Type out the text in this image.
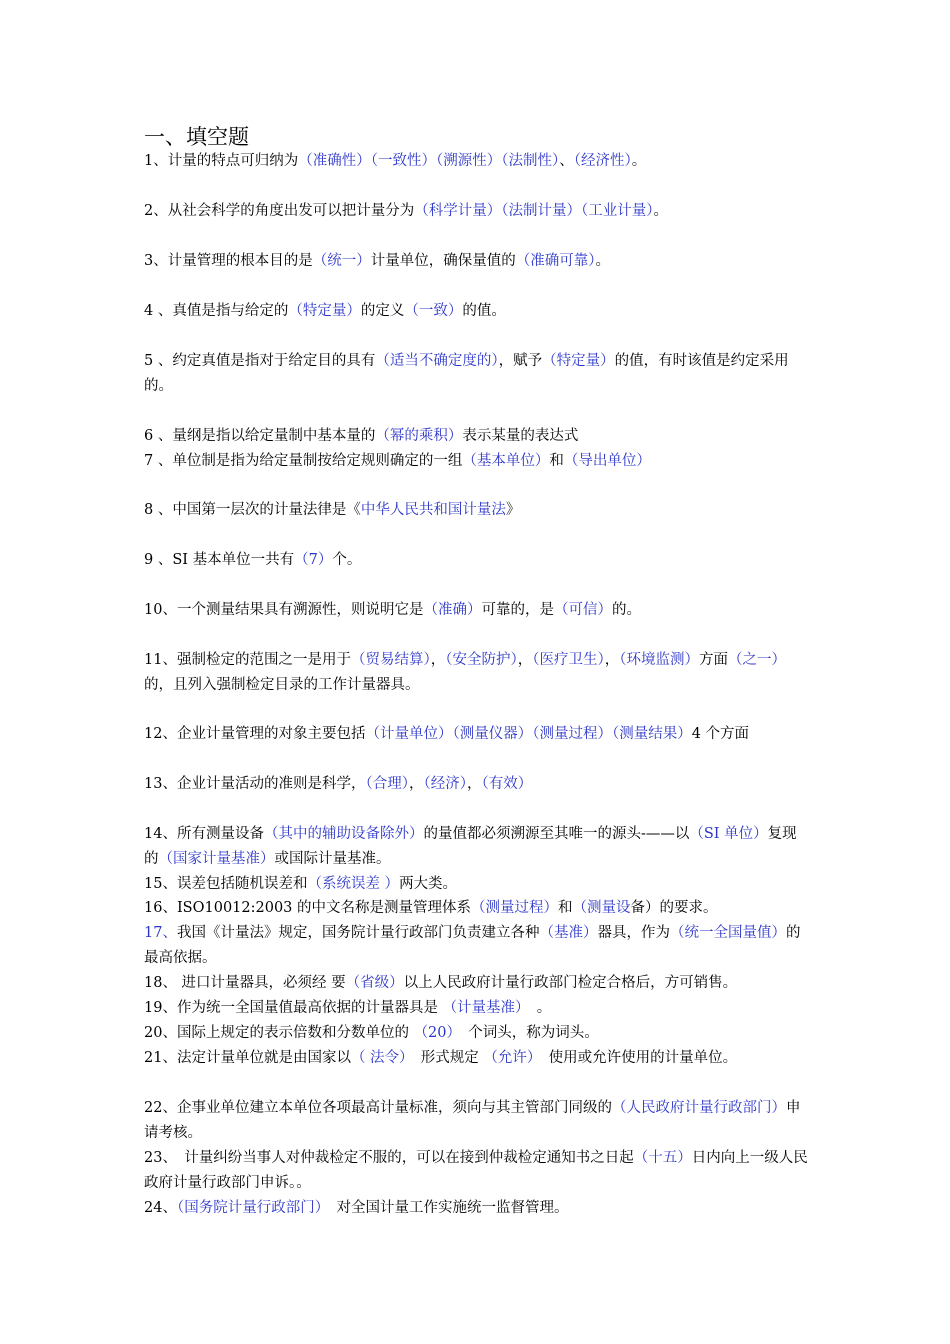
一、填空题

1、计量的特点可归纳为（准确性）（一致性）（溯源性）（法制性）、（经济性）。

2、从社会科学的角度出发可以把计量分为（科学计量）（法制计量）（工业计量）。

3、计量管理的根本目的是（统一）计量单位，确保量值的（准确可靠）。

4 、真值是指与给定的（特定量）的定义（一致）的值。

5 、约定真值是指对于给定目的具有（适当不确定度的），赋予（特定量）的值，有时该值是约定采用的。

6 、量纲是指以给定量制中基本量的（幂的乘积）表示某量的表达式

7 、单位制是指为给定量制按给定规则确定的一组（基本单位）和（导出单位）

8 、中国第一层次的计量法律是《中华人民共和国计量法》

9 、SI 基本单位一共有（7）个。

10、一个测量结果具有溯源性，则说明它是（准确）可靠的，是（可信）的。

11、强制检定的范围之一是用于（贸易结算），（安全防护），（医疗卫生），（环境监测）方面（之一）的，且列入强制检定目录的工作计量器具。

12、企业计量管理的对象主要包括（计量单位）（测量仪器）（测量过程）（测量结果）4 个方面

13、企业计量活动的准则是科学，（合理），（经济），（有效）

14、所有测量设备（其中的辅助设备除外）的量值都必须溯源至其唯一的源头-——以（SI 单位）复现的（国家计量基准）或国际计量基准。

15、误差包括随机误差和（系统误差 ）两大类。

16、ISO10012:2003 的中文名称是测量管理体系（测量过程）和（测量设备）的要求。

17、我国《计量法》规定，国务院计量行政部门负责建立各种（基准）器具，作为（统一全国量值）的最高依据。

18、 进口计量器具，必须经 要（省级）以上人民政府计量行政部门检定合格后，方可销售。

19、作为统一全国量值最高依据的计量器具是 （计量基准）　。

20、国际上规定的表示倍数和分数单位的 （20）　个词头，称为词头。

21、法定计量单位就是由国家以（ 法令）　形式规定 （允许）　使用或允许使用的计量单位。

22、企事业单位建立本单位各项最高计量标准，须向与其主管部门同级的（人民政府计量行政部门）申请考核。

23、　计量纠纷当事人对仲裁检定不服的，可以在接到仲裁检定通知书之日起（十五）日内向上一级人民政府计量行政部门申诉。。

24、（国务院计量行政部门）　对全国计量工作实施统一监督管理。
